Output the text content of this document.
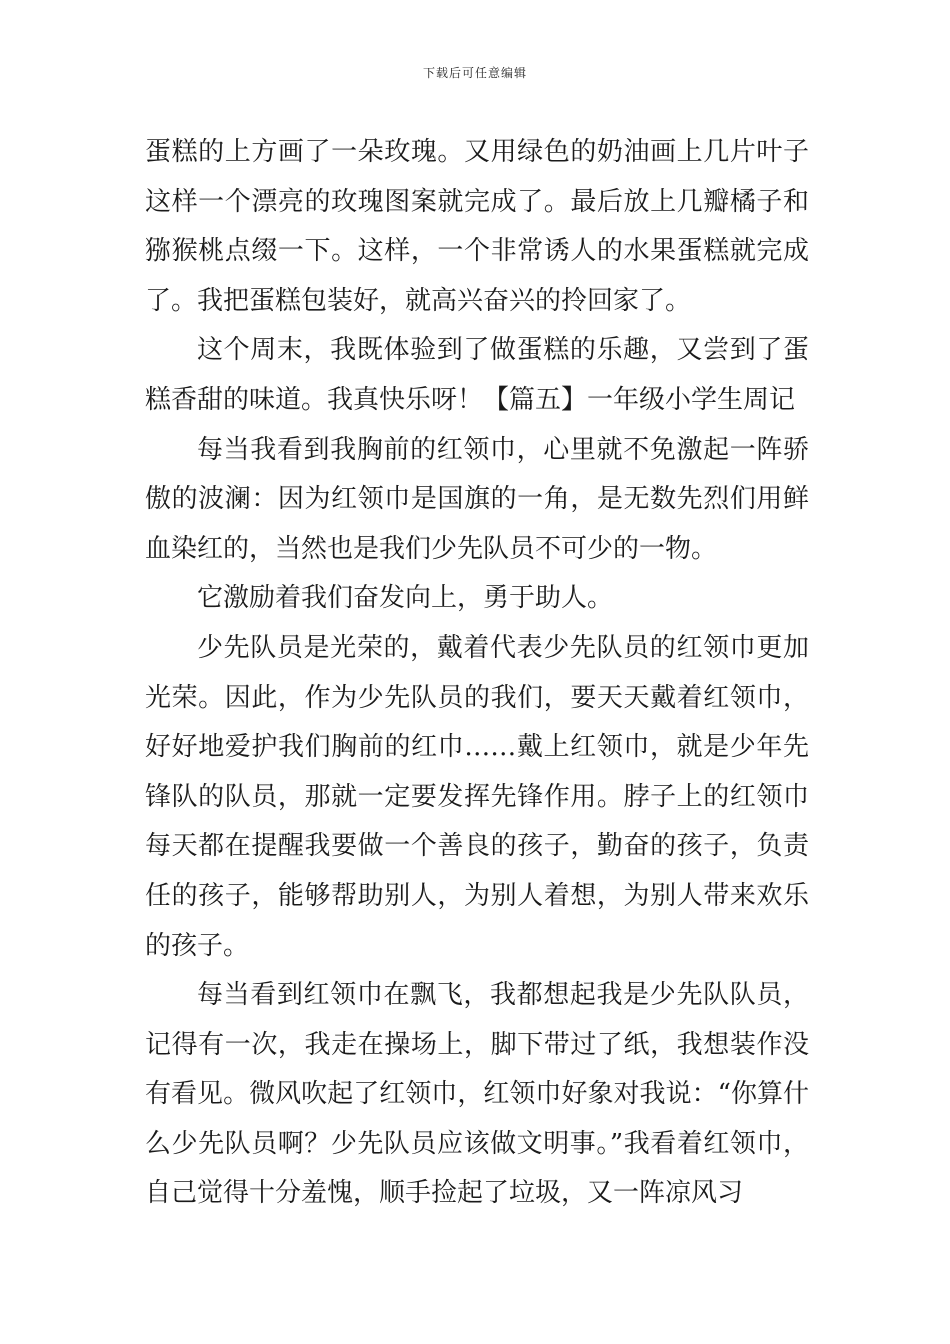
下载后可任意编辑

蛋糕的上方画了一朵玫瑰。又用绿色的奶油画上几片叶子这样一个漂亮的玫瑰图案就完成了。最后放上几瓣橘子和猕猴桃点缀一下。这样，一个非常诱人的水果蛋糕就完成了。我把蛋糕包装好，就高兴奋兴的拎回家了。

这个周末，我既体验到了做蛋糕的乐趣，又尝到了蛋糕香甜的味道。我真快乐呀！【篇五】一年级小学生周记

每当我看到我胸前的红领巾，心里就不免激起一阵骄傲的波澜：因为红领巾是国旗的一角，是无数先烈们用鲜血染红的，当然也是我们少先队员不可少的一物。

它激励着我们奋发向上，勇于助人。

少先队员是光荣的，戴着代表少先队员的红领巾更加光荣。因此，作为少先队员的我们，要天天戴着红领巾，好好地爱护我们胸前的红巾……戴上红领巾，就是少年先锋队的队员，那就一定要发挥先锋作用。脖子上的红领巾每天都在提醒我要做一个善良的孩子，勤奋的孩子，负责任的孩子，能够帮助别人，为别人着想，为别人带来欢乐的孩子。

每当看到红领巾在飘飞，我都想起我是少先队队员，记得有一次，我走在操场上，脚下带过了纸，我想装作没有看见。微风吹起了红领巾，红领巾好象对我说：“你算什么少先队员啊？少先队员应该做文明事。”我看着红领巾，自己觉得十分羞愧，顺手捡起了垃圾，又一阵凉风习
